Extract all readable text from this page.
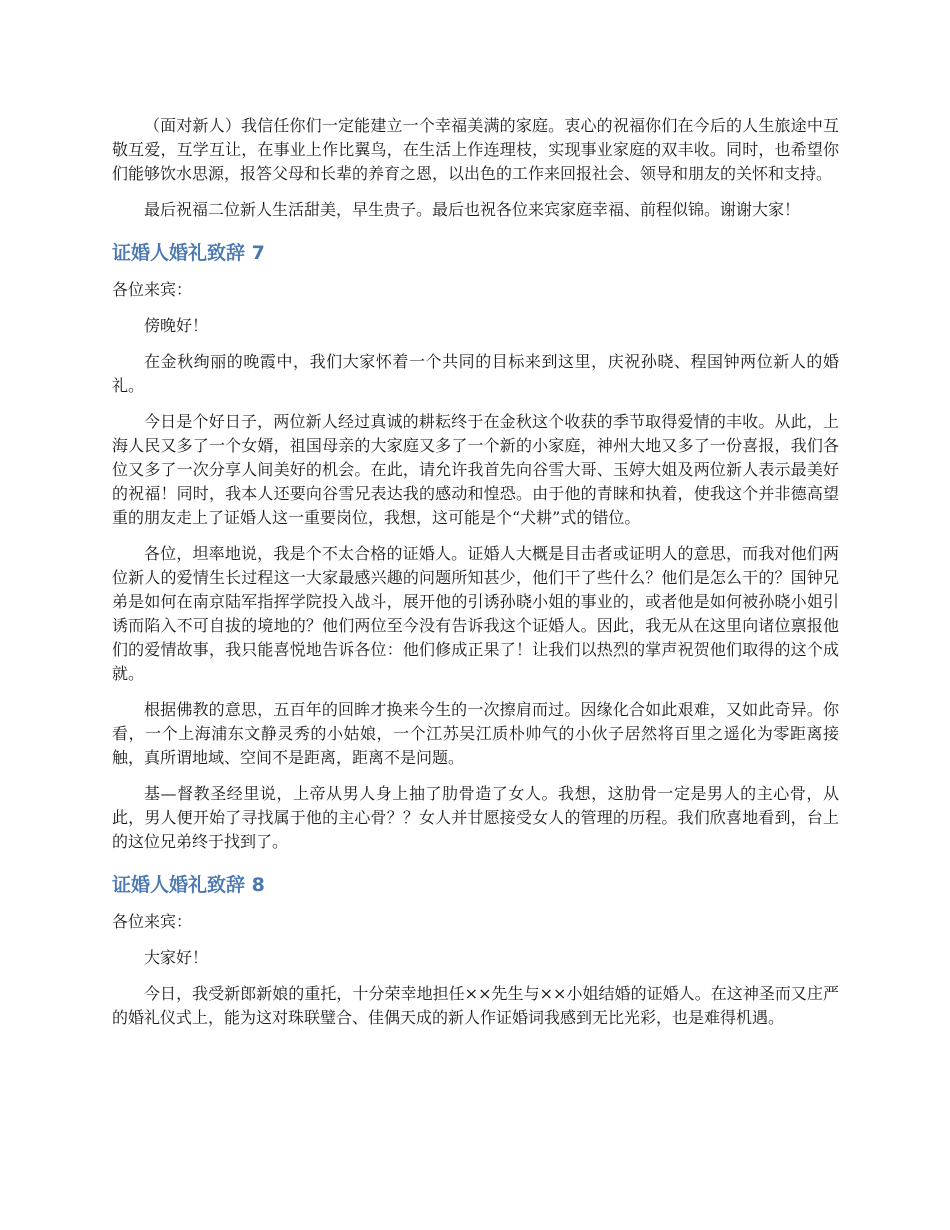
（面对新人）我信任你们一定能建立一个幸福美满的家庭。衷心的祝福你们在今后的人生旅途中互敬互爱，互学互让，在事业上作比翼鸟，在生活上作连理枝，实现事业家庭的双丰收。同时，也希望你们能够饮水思源，报答父母和长辈的养育之恩，以出色的工作来回报社会、领导和朋友的关怀和支持。

最后祝福二位新人生活甜美，早生贵子。最后也祝各位来宾家庭幸福、前程似锦。谢谢大家！

证婚人婚礼致辞 7

各位来宾：

傍晚好！

在金秋绚丽的晚霞中，我们大家怀着一个共同的目标来到这里，庆祝孙晓、程国钟两位新人的婚礼。

今日是个好日子，两位新人经过真诚的耕耘终于在金秋这个收获的季节取得爱情的丰收。从此，上海人民又多了一个女婿，祖国母亲的大家庭又多了一个新的小家庭，神州大地又多了一份喜报，我们各位又多了一次分享人间美好的机会。在此，请允许我首先向谷雪大哥、玉婷大姐及两位新人表示最美好的祝福！同时，我本人还要向谷雪兄表达我的感动和惶恐。由于他的青睐和执着，使我这个并非德高望重的朋友走上了证婚人这一重要岗位，我想，这可能是个“犬耕”式的错位。

各位，坦率地说，我是个不太合格的证婚人。证婚人大概是目击者或证明人的意思，而我对他们两位新人的爱情生长过程这一大家最感兴趣的问题所知甚少，他们干了些什么？他们是怎么干的？国钟兄弟是如何在南京陆军指挥学院投入战斗，展开他的引诱孙晓小姐的事业的，或者他是如何被孙晓小姐引诱而陷入不可自拔的境地的？他们两位至今没有告诉我这个证婚人。因此，我无从在这里向诸位禀报他们的爱情故事，我只能喜悦地告诉各位：他们修成正果了！让我们以热烈的掌声祝贺他们取得的这个成就。

根据佛教的意思，五百年的回眸才换来今生的一次擦肩而过。因缘化合如此艰难，又如此奇异。你看，一个上海浦东文静灵秀的小姑娘，一个江苏吴江质朴帅气的小伙子居然将百里之遥化为零距离接触，真所谓地域、空间不是距离，距离不是问题。

基—督教圣经里说，上帝从男人身上抽了肋骨造了女人。我想，这肋骨一定是男人的主心骨，从此，男人便开始了寻找属于他的主心骨？？女人并甘愿接受女人的管理的历程。我们欣喜地看到，台上的这位兄弟终于找到了。

证婚人婚礼致辞 8

各位来宾：

大家好！

今日，我受新郎新娘的重托，十分荣幸地担任××先生与××小姐结婚的证婚人。在这神圣而又庄严的婚礼仪式上，能为这对珠联璧合、佳偶天成的新人作证婚词我感到无比光彩，也是难得机遇。
